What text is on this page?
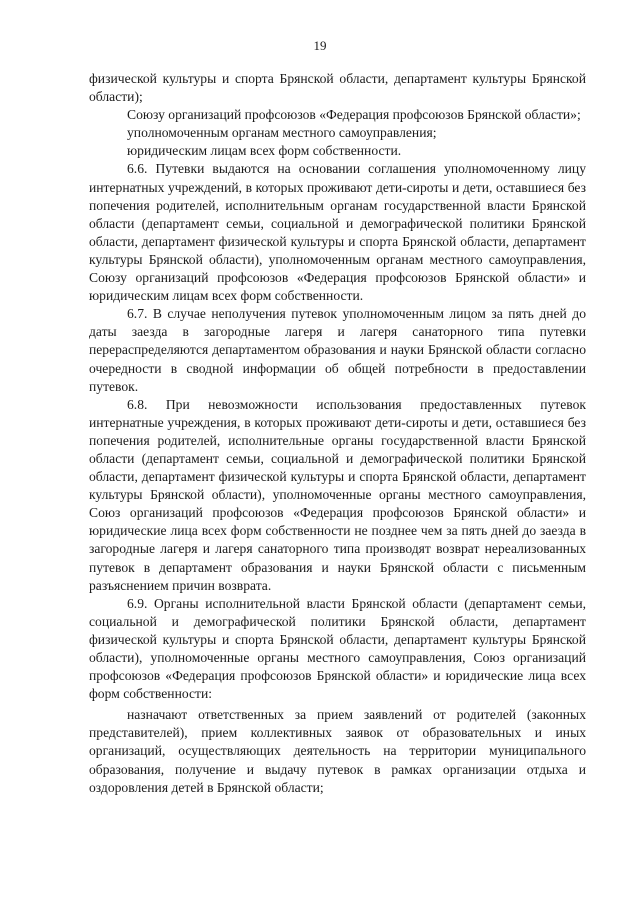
19

физической культуры и спорта Брянской области, департамент культуры Брянской области);

Союзу организаций профсоюзов «Федерация профсоюзов Брянской области»;

уполномоченным органам местного самоуправления;

юридическим лицам всех форм собственности.

6.6. Путевки выдаются на основании соглашения уполномоченному лицу интернатных учреждений, в которых проживают дети-сироты и дети, оставшиеся без попечения родителей, исполнительным органам государственной власти Брянской области (департамент семьи, социальной и демографической политики Брянской области, департамент физической культуры и спорта Брянской области, департамент культуры Брянской области), уполномоченным органам местного самоуправления, Союзу организаций профсоюзов «Федерация профсоюзов Брянской области» и юридическим лицам всех форм собственности.

6.7. В случае неполучения путевок уполномоченным лицом за пять дней до даты заезда в загородные лагеря и лагеря санаторного типа путевки перераспределяются департаментом образования и науки Брянской области согласно очередности в сводной информации об общей потребности в предоставлении путевок.

6.8. При невозможности использования предоставленных путевок интернатные учреждения, в которых проживают дети-сироты и дети, оставшиеся без попечения родителей, исполнительные органы государственной власти Брянской области (департамент семьи, социальной и демографической политики Брянской области, департамент физической культуры и спорта Брянской области, департамент культуры Брянской области), уполномоченные органы местного самоуправления, Союз организаций профсоюзов «Федерация профсоюзов Брянской области» и юридические лица всех форм собственности не позднее чем за пять дней до заезда в загородные лагеря и лагеря санаторного типа производят возврат нереализованных путевок в департамент образования и науки Брянской области с письменным разъяснением причин возврата.

6.9. Органы исполнительной власти Брянской области (департамент семьи, социальной и демографической политики Брянской области, департамент физической культуры и спорта Брянской области, департамент культуры Брянской области), уполномоченные органы местного самоуправления, Союз организаций профсоюзов «Федерация профсоюзов Брянской области» и юридические лица всех форм собственности:

назначают ответственных за прием заявлений от родителей (законных представителей), прием коллективных заявок от образовательных и иных организаций, осуществляющих деятельность на территории муниципального образования, получение и выдачу путевок в рамках организации отдыха и оздоровления детей в Брянской области;
